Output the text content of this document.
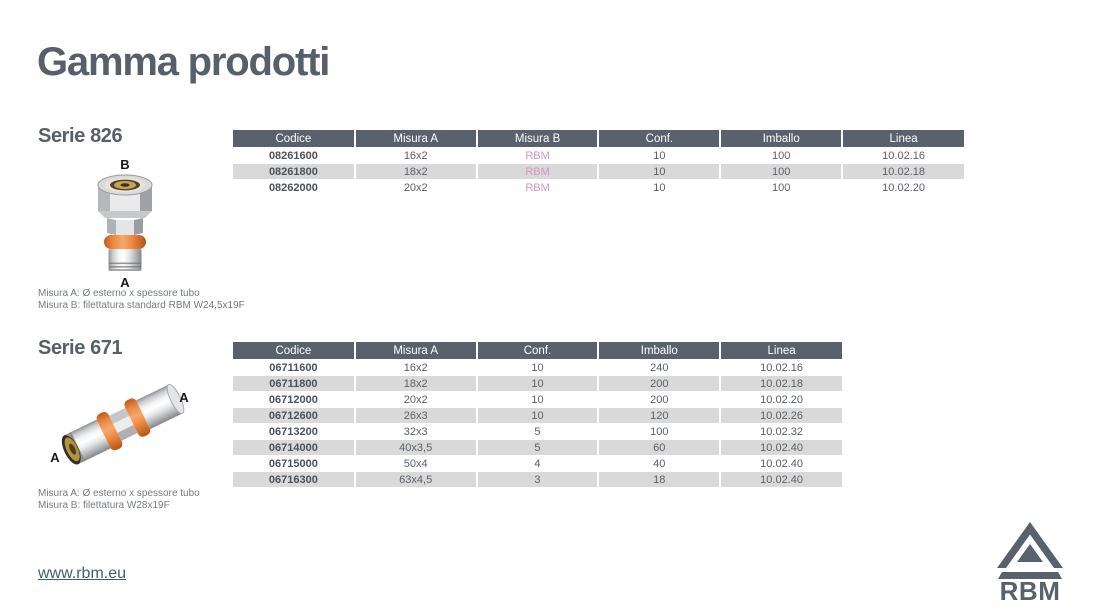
Gamma prodotti
Serie 826
B
A
Misura A: Ø esterno x spessore tubo
Misura B: filettatura standard RBM W24,5x19F
Codice	Misura A	Misura B	Conf.	Imballo	Linea
08261600	16x2	RBM	10	100	10.02.16
08261800	18x2	RBM	10	100	10.02.18
08262000	20x2	RBM	10	100	10.02.20
Serie 671
A
A
Misura A: Ø esterno x spessore tubo
Misura B: filettatura W28x19F
Codice	Misura A	Conf.	Imballo	Linea
06711600	16x2	10	240	10.02.16
06711800	18x2	10	200	10.02.18
06712000	20x2	10	200	10.02.20
06712600	26x3	10	120	10.02.26
06713200	32x3	5	100	10.02.32
06714000	40x3,5	5	60	10.02.40
06715000	50x4	4	40	10.02.40
06716300	63x4,5	3	18	10.02.40
www.rbm.eu
RBM
